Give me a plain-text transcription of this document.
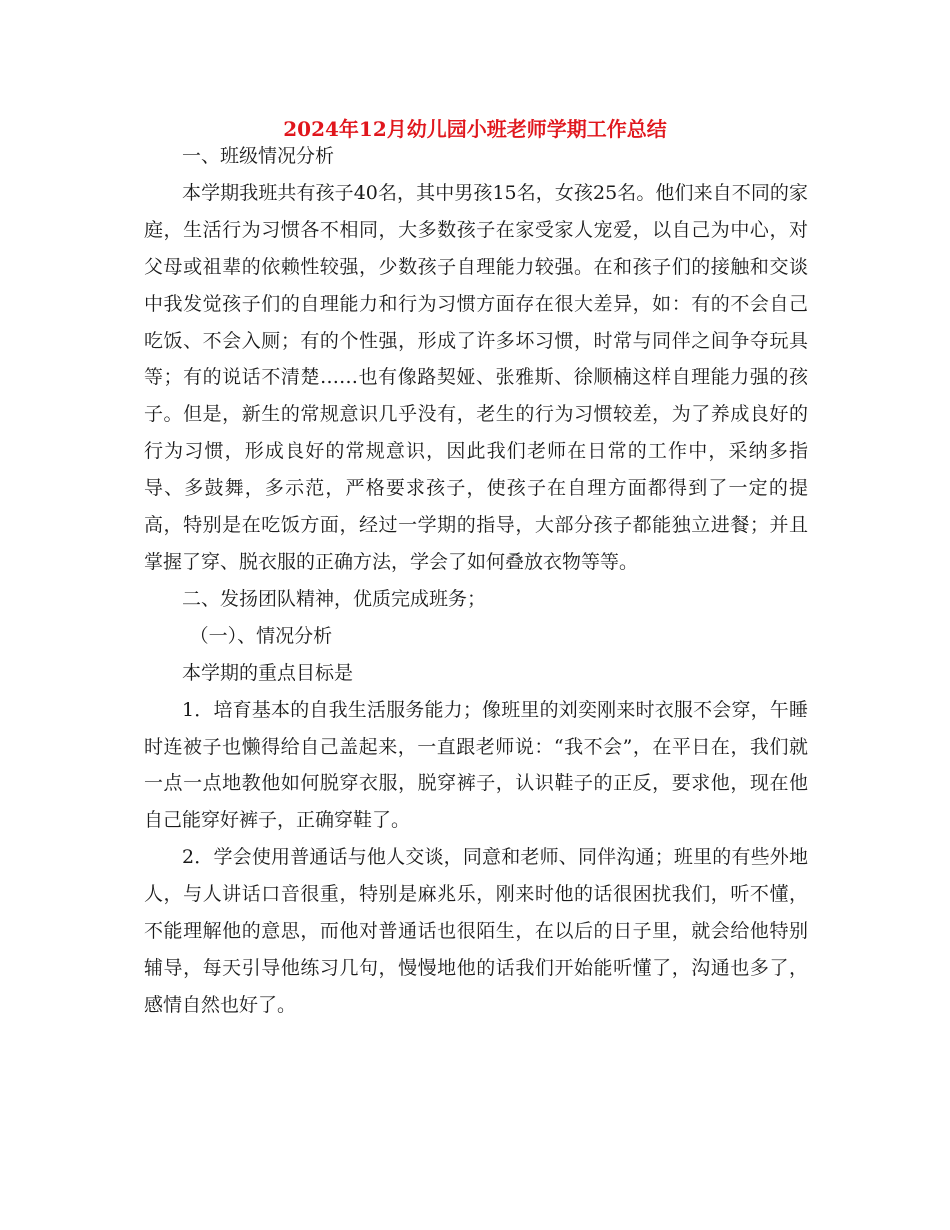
2024年12月幼儿园小班老师学期工作总结

一、班级情况分析

本学期我班共有孩子40名，其中男孩15名，女孩25名。他们来自不同的家庭，生活行为习惯各不相同，大多数孩子在家受家人宠爱，以自己为中心，对父母或祖辈的依赖性较强，少数孩子自理能力较强。在和孩子们的接触和交谈中我发觉孩子们的自理能力和行为习惯方面存在很大差异，如：有的不会自己吃饭、不会入厕；有的个性强，形成了许多坏习惯，时常与同伴之间争夺玩具等；有的说话不清楚……也有像路契娅、张雅斯、徐顺楠这样自理能力强的孩子。但是，新生的常规意识几乎没有，老生的行为习惯较差，为了养成良好的行为习惯，形成良好的常规意识，因此我们老师在日常的工作中，采纳多指导、多鼓舞，多示范，严格要求孩子，使孩子在自理方面都得到了一定的提高，特别是在吃饭方面，经过一学期的指导，大部分孩子都能独立进餐；并且掌握了穿、脱衣服的正确方法，学会了如何叠放衣物等等。

二、发扬团队精神，优质完成班务；

（一）、情况分析

本学期的重点目标是

1．培育基本的自我生活服务能力；像班里的刘奕刚来时衣服不会穿，午睡时连被子也懒得给自己盖起来，一直跟老师说：“我不会”，在平日在，我们就一点一点地教他如何脱穿衣服，脱穿裤子，认识鞋子的正反，要求他，现在他自己能穿好裤子，正确穿鞋了。

2．学会使用普通话与他人交谈，同意和老师、同伴沟通；班里的有些外地人，与人讲话口音很重，特别是麻兆乐，刚来时他的话很困扰我们，听不懂，不能理解他的意思，而他对普通话也很陌生，在以后的日子里，就会给他特别辅导，每天引导他练习几句，慢慢地他的话我们开始能听懂了，沟通也多了，感情自然也好了。
